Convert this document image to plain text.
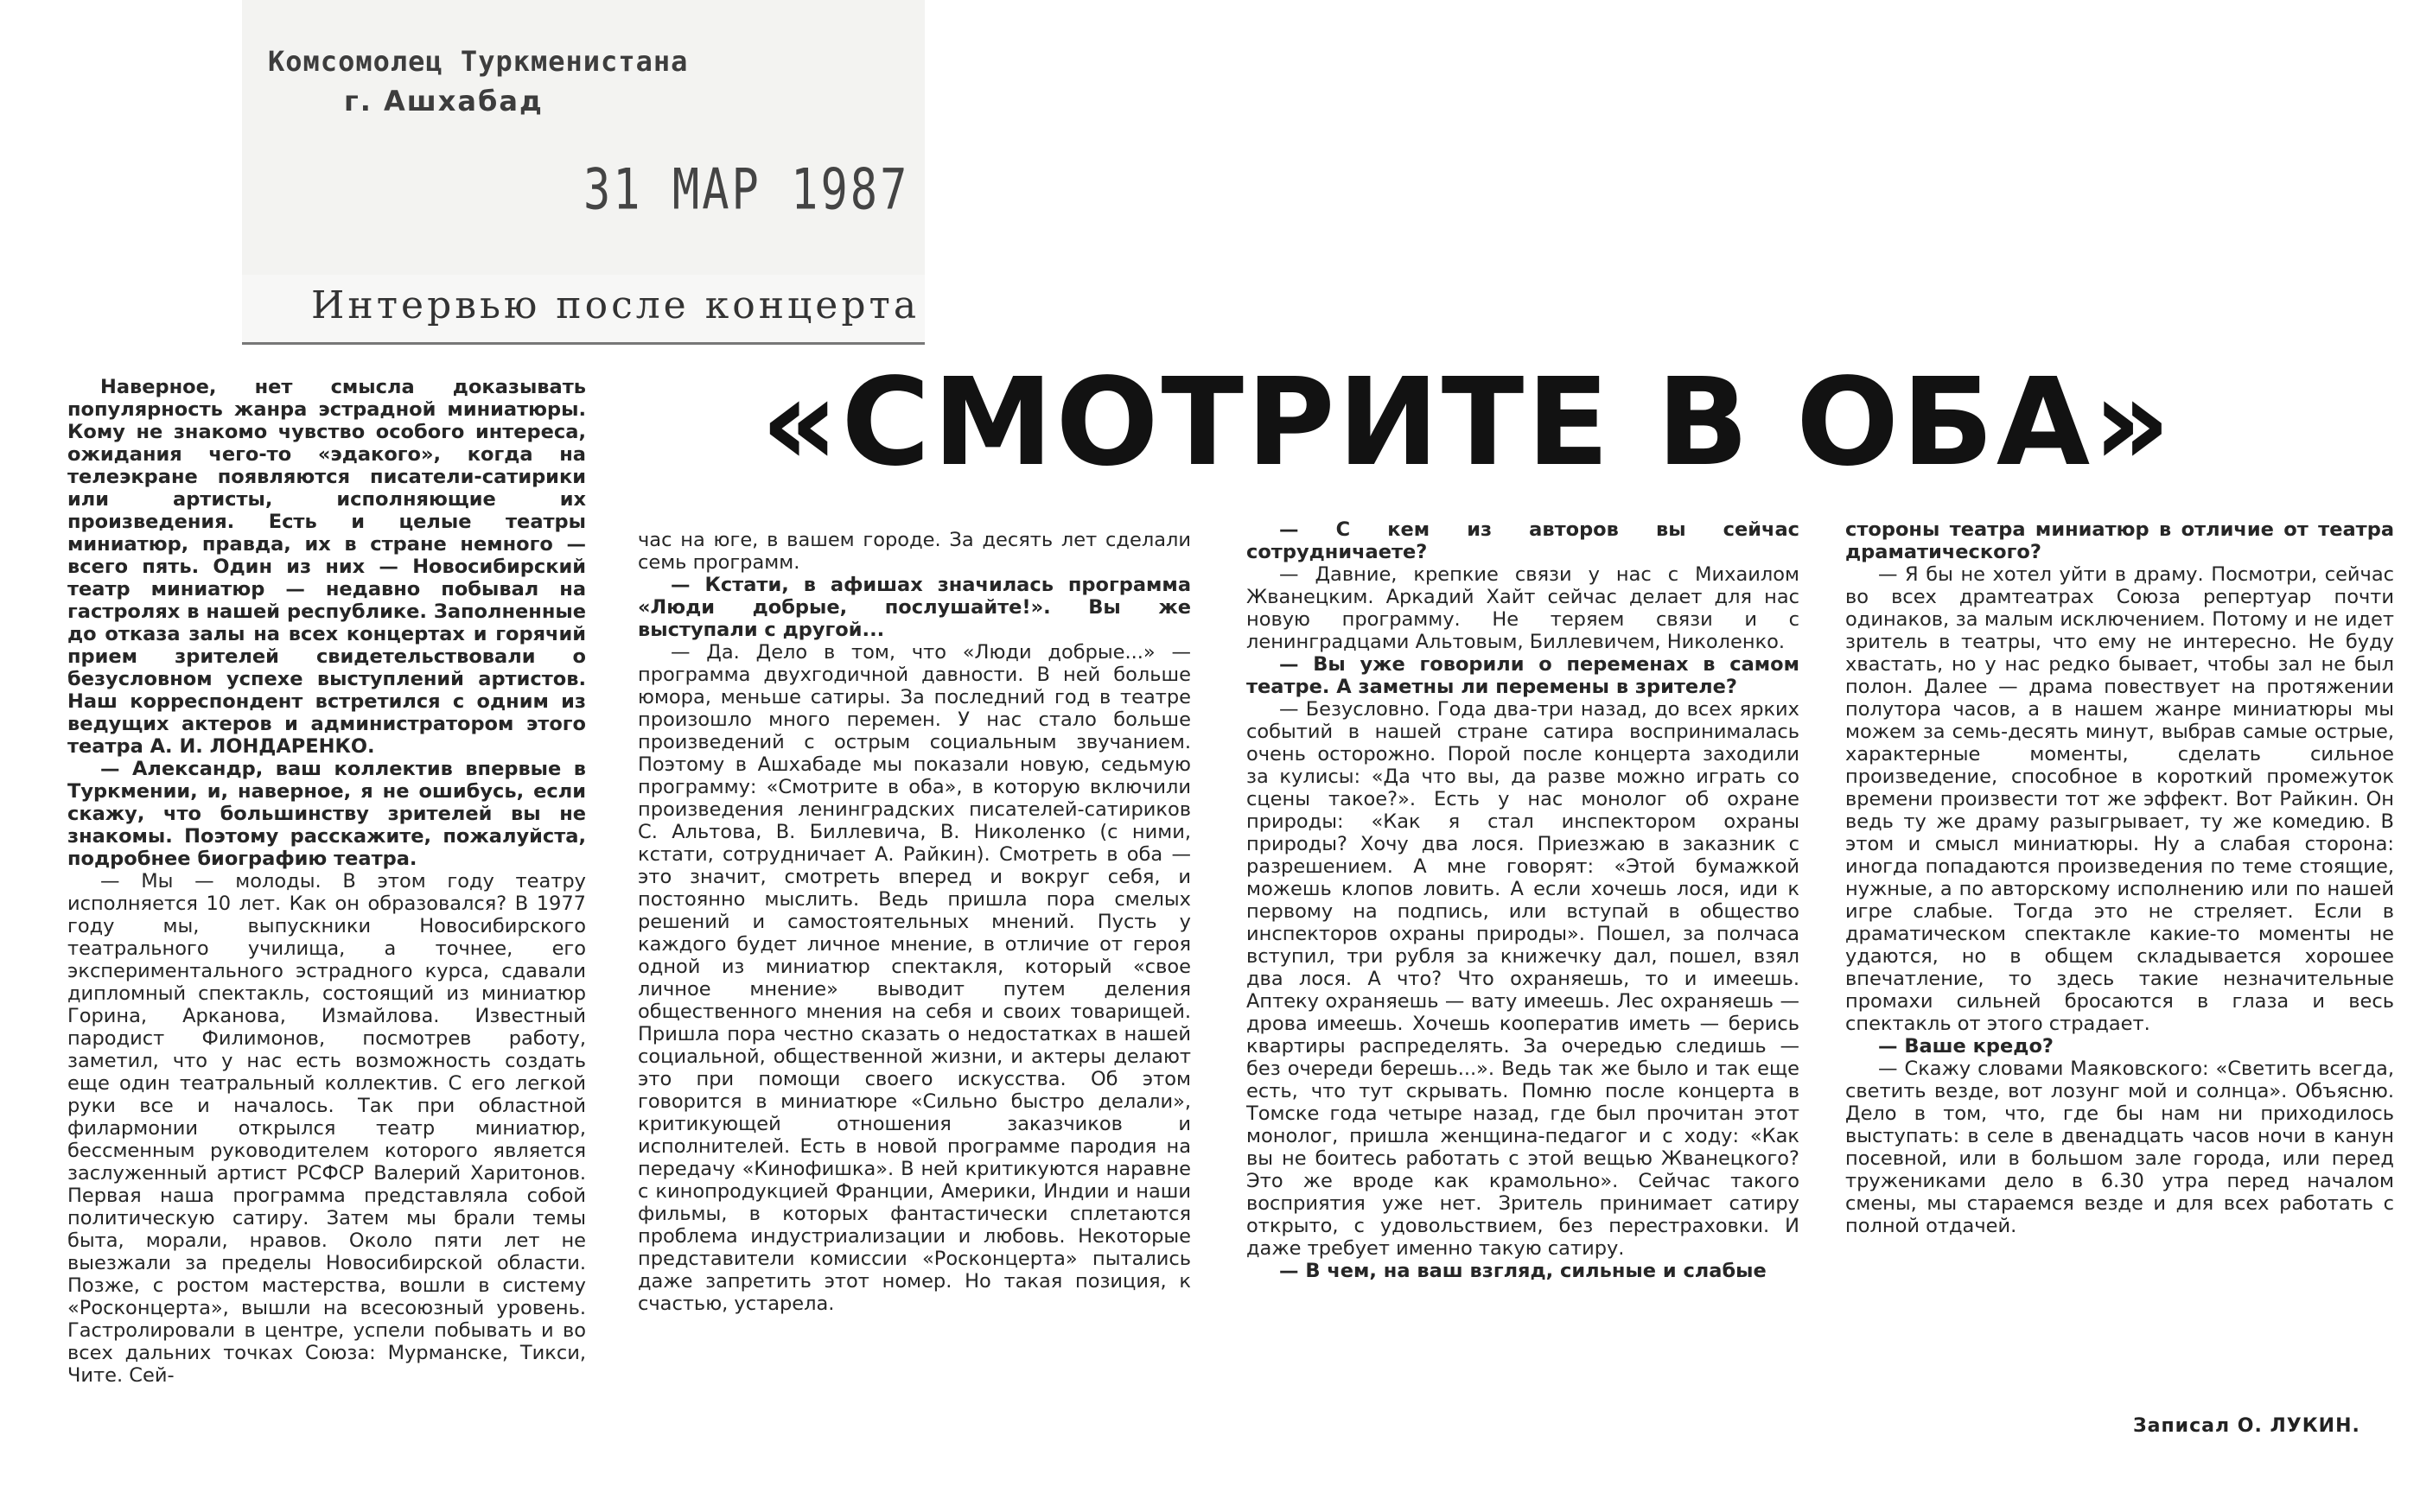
Комсомолец Туркменистана
г. Ашхабад
31 МАР 1987
Интервью после концерта
«СМОТРИТЕ В ОБА»

Наверное, нет смысла доказывать популярность жанра эстрадной миниатюры. Кому не знакомо чувство особого интереса, ожидания чего-то «эдакого», когда на телеэкране появляются писатели-сатирики или артисты, исполняющие их произведения. Есть и целые театры миниатюр, правда, их в стране немного — всего пять. Один из них — Новосибирский театр миниатюр — недавно побывал на гастролях в нашей республике. Заполненные до отказа залы на всех концертах и горячий прием зрителей свидетельствовали о безусловном успехе выступлений артистов. Наш корреспондент встретился с одним из ведущих актеров и администратором этого театра А. И. ЛОНДАРЕНКО.

— Александр, ваш коллектив впервые в Туркмении, и, наверное, я не ошибусь, если скажу, что большинству зрителей вы не знакомы. Поэтому расскажите, пожалуйста, подробнее биографию театра.

— Мы — молоды. В этом году театру исполняется 10 лет. Как он образовался? В 1977 году мы, выпускники Новосибирского театрального училища, а точнее, его экспериментального эстрадного курса, сдавали дипломный спектакль, состоящий из миниатюр Горина, Арканова, Измайлова. Известный пародист Филимонов, посмотрев работу, заметил, что у нас есть возможность создать еще один театральный коллектив. С его легкой руки все и началось. Так при областной филармонии открылся театр миниатюр, бессменным руководителем которого является заслуженный артист РСФСР Валерий Харитонов. Первая наша программа представляла собой политическую сатиру. Затем мы брали темы быта, морали, нравов. Около пяти лет не выезжали за пределы Новосибирской области. Позже, с ростом мастерства, вошли в систему «Росконцерта», вышли на всесоюзный уровень. Гастролировали в центре, успели побывать и во всех дальних точках Союза: Мурманске, Тикси, Чите. Сей-

час на юге, в вашем городе. За десять лет сделали семь программ.

— Кстати, в афишах значилась программа «Люди добрые, послушайте!». Вы же выступали с другой...

— Да. Дело в том, что «Люди добрые...» — программа двухгодичной давности. В ней больше юмора, меньше сатиры. За последний год в театре произошло много перемен. У нас стало больше произведений с острым социальным звучанием. Поэтому в Ашхабаде мы показали новую, седьмую программу: «Смотрите в оба», в которую включили произведения ленинградских писателей-сатириков С. Альтова, В. Биллевича, В. Николенко (с ними, кстати, сотрудничает А. Райкин). Смотреть в оба — это значит, смотреть вперед и вокруг себя, и постоянно мыслить. Ведь пришла пора смелых решений и самостоятельных мнений. Пусть у каждого будет личное мнение, в отличие от героя одной из миниатюр спектакля, который «свое личное мнение» выводит путем деления общественного мнения на себя и своих товарищей. Пришла пора честно сказать о недостатках в нашей социальной, общественной жизни, и актеры делают это при помощи своего искусства. Об этом говорится в миниатюре «Сильно быстро делали», критикующей отношения заказчиков и исполнителей. Есть в новой программе пародия на передачу «Кинофишка». В ней критикуются наравне с кинопродукцией Франции, Америки, Индии и наши фильмы, в которых фантастически сплетаются проблема индустриализации и любовь. Некоторые представители комиссии «Росконцерта» пытались даже запретить этот номер. Но такая позиция, к счастью, устарела.

— С кем из авторов вы сейчас сотрудничаете?

— Давние, крепкие связи у нас с Михаилом Жванецким. Аркадий Хайт сейчас делает для нас новую программу. Не теряем связи и с ленинградцами Альтовым, Биллевичем, Николенко.

— Вы уже говорили о переменах в самом театре. А заметны ли перемены в зрителе?

— Безусловно. Года два-три назад, до всех ярких событий в нашей стране сатира воспринималась очень осторожно. Порой после концерта заходили за кулисы: «Да что вы, да разве можно играть со сцены такое?». Есть у нас монолог об охране природы: «Как я стал инспектором охраны природы? Хочу два лося. Приезжаю в заказник с разрешением. А мне говорят: «Этой бумажкой можешь клопов ловить. А если хочешь лося, иди к первому на подпись, или вступай в общество инспекторов охраны природы». Пошел, за полчаса вступил, три рубля за книжечку дал, пошел, взял два лося. А что? Что охраняешь, то и имеешь. Аптеку охраняешь — вату имеешь. Лес охраняешь — дрова имеешь. Хочешь кооператив иметь — берись квартиры распределять. За очередью следишь — без очереди берешь...». Ведь так же было и так еще есть, что тут скрывать. Помню после концерта в Томске года четыре назад, где был прочитан этот монолог, пришла женщина-педагог и с ходу: «Как вы не боитесь работать с этой вещью Жванецкого? Это же вроде как крамольно». Сейчас такого восприятия уже нет. Зритель принимает сатиру открыто, с удовольствием, без перестраховки. И даже требует именно такую сатиру.

— В чем, на ваш взгляд, сильные и слабые

стороны театра миниатюр в отличие от театра драматического?

— Я бы не хотел уйти в драму. Посмотри, сейчас во всех драмтеатрах Союза репертуар почти одинаков, за малым исключением. Потому и не идет зритель в театры, что ему не интересно. Не буду хвастать, но у нас редко бывает, чтобы зал не был полон. Далее — драма повествует на протяжении полутора часов, а в нашем жанре миниатюры мы можем за семь-десять минут, выбрав самые острые, характерные моменты, сделать сильное произведение, способное в короткий промежуток времени произвести тот же эффект. Вот Райкин. Он ведь ту же драму разыгрывает, ту же комедию. В этом и смысл миниатюры. Ну а слабая сторона: иногда попадаются произведения по теме стоящие, нужные, а по авторскому исполнению или по нашей игре слабые. Тогда это не стреляет. Если в драматическом спектакле какие-то моменты не удаются, но в общем складывается хорошее впечатление, то здесь такие незначительные промахи сильней бросаются в глаза и весь спектакль от этого страдает.

— Ваше кредо?

— Скажу словами Маяковского: «Светить всегда, светить везде, вот лозунг мой и солнца». Объясню. Дело в том, что, где бы нам ни приходилось выступать: в селе в двенадцать часов ночи в канун посевной, или в большом зале города, или перед тружениками дело в 6.30 утра перед началом смены, мы стараемся везде и для всех работать с полной отдачей.

Записал О. ЛУКИН.
